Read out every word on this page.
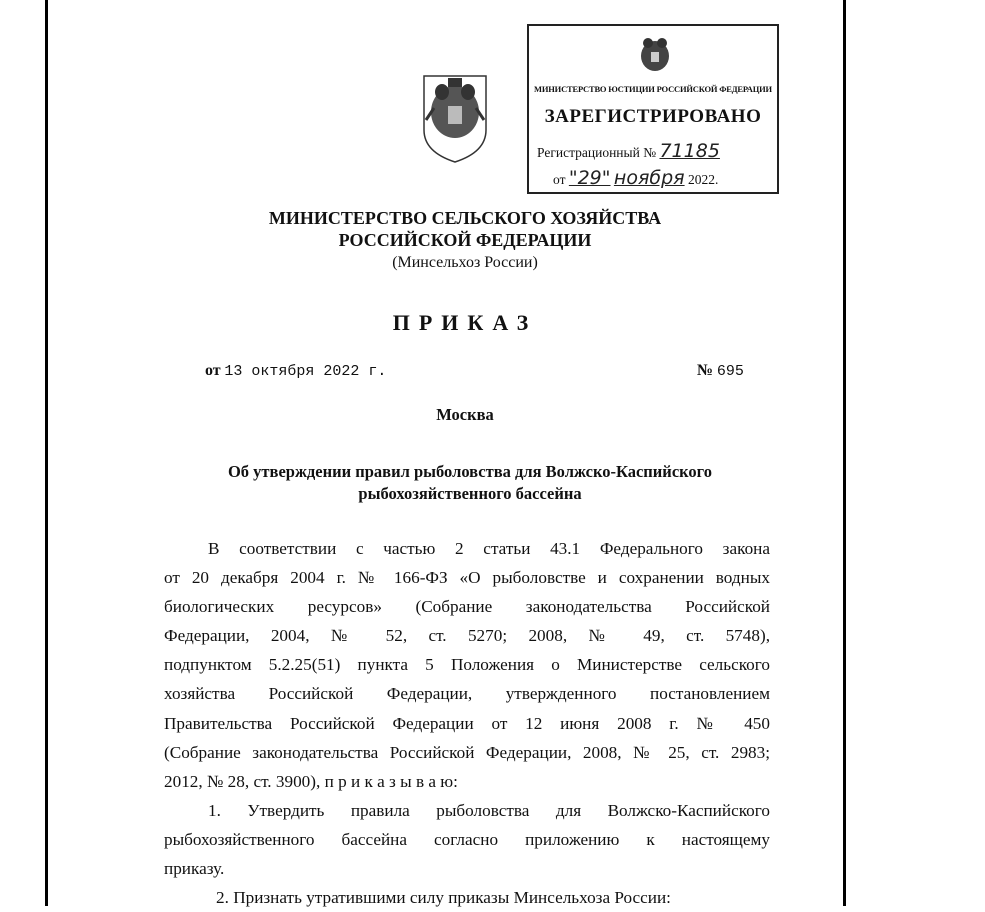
МИНИСТЕРСТВО ЮСТИЦИИ РОССИЙСКОЙ ФЕДЕРАЦИИ
ЗАРЕГИСТРИРОВАНО
Регистрационный № 71185
от "29" ноября 2022.
МИНИСТЕРСТВО СЕЛЬСКОГО ХОЗЯЙСТВА
РОССИЙСКОЙ ФЕДЕРАЦИИ
(Минсельхоз России)
ПРИКАЗ
от 13 октября 2022 г.	№ 695
Москва
Об утверждении правил рыболовства для Волжско-Каспийского
рыбохозяйственного бассейна
В соответствии с частью 2 статьи 43.1 Федерального закона
от 20 декабря 2004 г. № 166-ФЗ «О рыболовстве и сохранении водных
биологических ресурсов» (Собрание законодательства Российской
Федерации, 2004, № 52, ст. 5270; 2008, № 49, ст. 5748),
подпунктом 5.2.25(51) пункта 5 Положения о Министерстве сельского
хозяйства Российской Федерации, утвержденного постановлением
Правительства Российской Федерации от 12 июня 2008 г. № 450
(Собрание законодательства Российской Федерации, 2008, № 25, ст. 2983;
2012, № 28, ст. 3900), п р и к а з ы в а ю:
1. Утвердить правила рыболовства для Волжско-Каспийского
рыбохозяйственного бассейна согласно приложению к настоящему
приказу.
2. Признать утратившими силу приказы Минсельхоза России:
